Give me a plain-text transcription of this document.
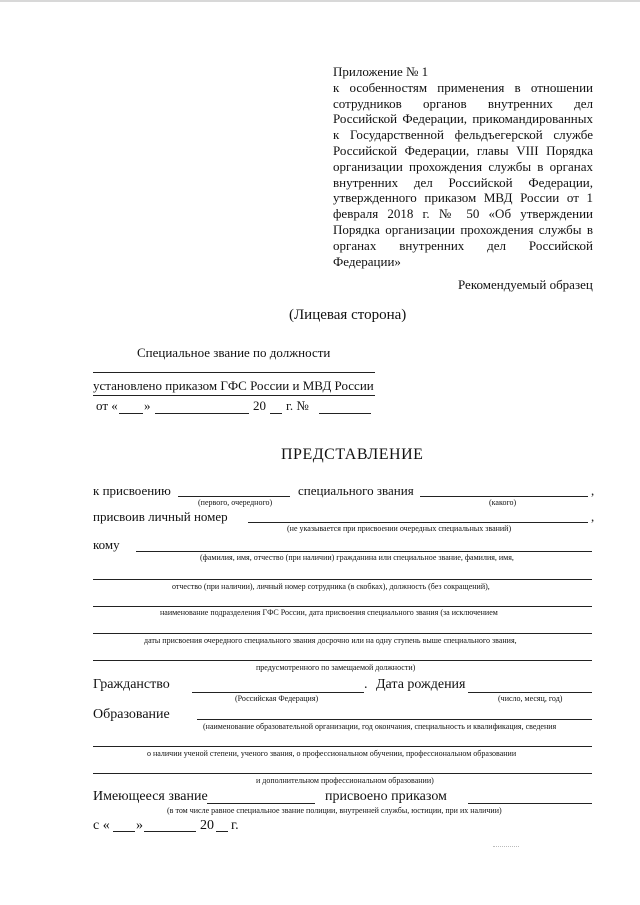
Приложение № 1
к особенностям применения в отношении сотрудников органов внутренних дел Российской Федерации, прикомандированных к Государственной фельдъегерской службе Российской Федерации, главы VIII Порядка организации прохождения службы в органах внутренних дел Российской Федерации, утвержденного приказом МВД России от 1 февраля 2018 г. № 50 «Об утверждении Порядка организации прохождения службы в органах внутренних дел Российской Федерации»
Рекомендуемый образец
(Лицевая сторона)
Специальное звание по должности
установлено приказом ГФС России и МВД России
от « »	20 г. №
ПРЕДСТАВЛЕНИЕ
к присвоению
(первого, очередного)
специального звания	,
(какого)
присвоив личный номер	,
(не указывается при присвоении очередных специальных званий)
кому
(фамилия, имя, отчество (при наличии) гражданина или специальное звание, фамилия, имя,
отчество (при наличии), личный номер сотрудника (в скобках), должность (без сокращений),
наименование подразделения ГФС России, дата присвоения специального звания (за исключением
даты присвоения очередного специального звания досрочно или на одну ступень выше специального звания,
предусмотренного по замещаемой должности)
Гражданство	.
(Российская Федерация)
Дата рождения
(число, месяц, год)
Образование
(наименование образовательной организации, год окончания, специальность и квалификация, сведения
о наличии ученой степени, ученого звания, о профессиональном обучении, профессиональном образовании
и дополнительном профессиональном образовании)
Имеющееся звание	присвоено приказом
(в том числе равное специальное звание полиции, внутренней службы, юстиции, при их наличии)
с « »	20 г.
